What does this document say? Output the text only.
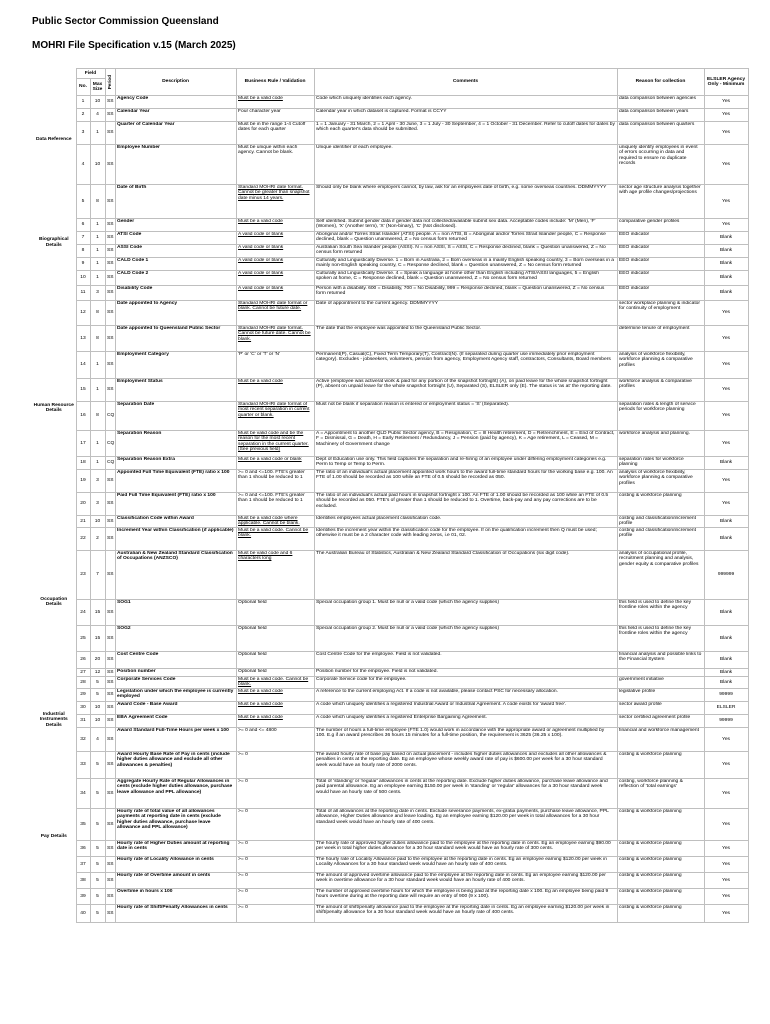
Public Sector Commission Queensland
MOHRI File Specification v.15 (March 2025)
	Field		Period	Description	Business Rule / Validation	Comments	Reason for collection	ELSLER Agency Only - Minimum
	No.	Max Size						
Data Reference	1	10	SS	Agency Code	Must be a valid code	Code which uniquely identifies each agency.	data comparison between agencies	Yes
	2	4	SS	Calendar Year	Four character year	Calendar year in which dataset is captured. Format is CCYY	data comparison between years	Yes
	3	1	SS	Quarter of Calendar Year	Must be in the range 1-4 Cutoff dates for each quarter	1 = 1 January - 31 March, 2 = 1 April - 30 June, 3 = 1 July - 30 September, 4 = 1 October - 31 December. Refer to cutoff dates for dates by which each quarter's data should be submitted.	data comparison between quarters	Yes
	4	10	SS	Employee Number	Must be unique within each agency. Cannot be blank.	Unique identifier of each employee.	uniquely identify employees in event of errors occurring in data and required to ensure no duplicate records	Yes
Biographical Details	5	8	SS	Date of Birth	Standard MOHRI date format. Cannot be greater than snapshot date minus 14 years.	Should only be blank where employers cannot, by law, ask for an employees date of birth, e.g. some overseas countries. DDMMYYYY	sector age structure analysis together with age profile changes/projections	Yes
	6	1	SS	Gender	Must be a valid code	Self identified. Submit gender data if gender data not collected/available submit sex data. Acceptable codes include: 'M' (Men), 'F' (Women), 'X' (Another term), 'X' (Non-binary), 'C' (Not disclosed).	comparative gender profiles	Yes
	7	1	SS	ATSI Code	A valid code or blank	Aboriginal and/or Torres Strait Islander (ATSI) people. A = non ATSI, B = Aboriginal and/or Torres Strait Islander people, C = Response declined, blank = Question unanswered, Z = No census form returned	EEO indicator	Blank
	8	1	SS	ASSI Code	A valid code or blank	Australian South Sea Islander people (ASSI). N = non ASSI, S = ASSI, C = Response declined, blank = Question unanswered, Z = No census form returned	EEO indicator	Blank
	9	1	SS	CALD Code 1	A valid code or blank	Culturally and Linguistically Diverse. 1 = Born in Australia, 2 = Born overseas in a mainly English speaking country, 3 = Born overseas in a mainly non-English speaking country, C = Response declined, blank = Question unanswered, Z = No census form returned	EEO indicator	Blank
	10	1	SS	CALD Code 2	A valid code or blank	Culturally and Linguistically Diverse. 4 = Speak a language at home other than English including ATSI/ASSI languages, 5 = English spoken at home, C = Response declined, blank = Question unanswered, Z = No census form returned	EEO indicator	Blank
	11	3	SS	Disability Code	A valid code or blank	Person with a disability. 600 = Disability, 700 = No Disability, 999 = Response declined, blank = Question unanswered, Z = No census form returned	EEO indicator	Blank
Human Resource Details	12	8	SS	Date appointed to Agency	Standard MOHRI date format or blank. Cannot be future date.	Date of appointment to the current agency. DDMMYYYY	sector workplace planning & indicator for continuity of employment	Yes
	13	8	SS	Date appointed to Queensland Public Sector	Standard MOHRI date format. Cannot be future date. Cannot be blank.	The date that the employee was appointed to the Queensland Public Sector.	determine tenure of employment	Yes
	14	1	SS	Employment Category	'P' or 'C' or 'T' or 'N'	Permanent(P), Casual(C), Fixed Term Temporary(T), Contract(N). (If separated during quarter use immediately prior employment category). Excludes - jobseekers, volunteers, pension from agency, Employment Agency staff, contractors, Consultants, Board members	analysis of workforce flexibility, workforce planning & comparative profiles	Yes
	15	1	SS	Employment Status	Must be a valid code	Active (employee was active/at work & paid for any portion of the snapshot fortnight) (A), on paid leave for the whole snapshot fortnight (P), absent on unpaid leave for the whole snapshot fortnight (U), Separated (S), ELSLER only (E). The status is 'as at' the reporting date.	workforce analysis & comparative profiles	Yes
	16	8	CQ	Separation Date	Standard MOHRI date format of most recent separation in current quarter or blank.	Must not be blank if separation reason is entered or employment status = 'S' (Separated).	separation rates & length of service periods for workforce planning	Yes
	17	1	CQ	Separation Reason	Must be valid code and be the reason for the most recent separation in the current quarter. (See previous field)	A = Appointment to another QLD Public Sector agency, B = Resignation, C = Ill Health retirement, D = Retrenchment, E = End of Contract, F = Dismissal, G = Death, H = Early Retirement / Redundancy, J = Pension (paid by agency), K = Age retirement, L = Ceased, M = Machinery of Government change	workforce analysis and planning.	Yes
	18	1	CQ	Separation Reason Extra	Must be a valid code or blank	Dept of Education use only. This field captures the separation and re-hiring of an employee under differing employment categories e.g. Perm to Temp or Temp to Perm.	separation rates for workforce planning	Blank
	19	3	SS	Appointed Full Time Equivalent (FTE) ratio x 100	>= 0 and <=100. FTE's greater than 1 should be reduced to 1	The ratio of an individual's actual placement appointed work hours to the award full-time standard hours for the working base e.g. 100. An FTE of 1.00 should be recorded as 100 while an FTE of 0.5 should be recorded as 050.	analysis of workforce flexibility, workforce planning & comparative profiles	Yes
	20	3	SS	Paid Full Time Equivalent (FTE) ratio x 100	>= 0 and <=100. FTE's greater than 1 should be reduced to 1	The ratio of an individual's actual paid hours in snapshot fortnight x 100. An FTE of 1.00 should be recorded as 100 while an FTE of 0.5 should be recorded as 050. FTE's of greater than 1 should be reduced to 1. Overtime, back-pay and any pay corrections are to be excluded.	costing & workforce planning	Yes
Occupation Details	21	10	SS	Classification Code within Award	Must be a valid code where applicable. Cannot be blank.	Identifies employees actual placement classification code.	costing and classification/increment profile	Blank
	22	2	SS	Increment Year within Classification (if applicable)	Must be a valid code. Cannot be blank.	Identifies the increment year within the classification code for the employee. If on the qualification increment then Q must be used; otherwise it must be a 2 character code with leading zeros, i.e 01, 02.	costing and classification/increment profile	Blank
	23	7	SS	Australian & New Zealand Standard Classification of Occupations (ANZSCO)	Must be valid code and 6 characters long	The Australian Bureau of Statistics, Australian & New Zealand Standard Classification of Occupations (six digit code).	analysis of occupational profile, recruitment planning and analysis, gender equity & comparative profiles	999999
	24	15	SS	SOG1	Optional field	Special occupation group 1. Must be null or a valid code (which the agency supplies)	this field is used to define the key frontline roles within the agency	Blank
	25	15	SS	SOG2	Optional field	Special occupation group 2. Must be null or a valid code (which the agency supplies)	this field is used to define the key frontline roles within the agency	Blank
	26	20	SS	Cost Centre Code	Optional field	Cost Centre Code for the employee. Field is not validated.	financial analysis and possible links to the Financial System	Blank
	27	12	SS	Position number	Optional field	Position number for the employee. Field is not validated.		Blank
	28	5	SS	Corporate Services Code	Must be a valid code. Cannot be blank.	Corporate Service code for the employee.	government initiative	Blank
Industrial Instruments Details	29	5	SS	Legislation under which the employee is currently employed	Must be a valid code	A reference to the current employing Act. If a code is not available, please contact PSC for necessary allocation.	legislative profile	99999
	30	10	SS	Award Code - Base Award	Must be a valid code	A code which uniquely identifies a registered Industrial Award or Industrial Agreement. A code exists for 'award free'.	sector award profile	ELSLER
	31	10	SS	EBA Agreement Code	Must be a valid code	A code which uniquely identifies a registered Enterprise Bargaining Agreement.	sector certified agreement profile	99999
	32	4	SS	Award Standard Full-Time Hours per week x 100	>= 0 and <= 4800	The number of hours a full-time employee (FTE 1.0) would work in accordance with the appropriate award or agreement multiplied by 100. E.g if an award prescribes 36 hours 15 minutes for a full-time position, the requirement is 3625 (36.25 x 100).	financial and workforce management	Yes
Pay Details	33	5	SS	Award Hourly Base Rate of Pay in cents (include higher duties allowance and exclude all other allowances & penalties)	>= 0	The award hourly rate of base pay based on actual placement - includes higher duties allowances and excludes all other allowances & penalties in cents at the reporting date. Eg an employee whose weekly award rate of pay is $600.00 per week for a 30 hour standard week would have an hourly rate of 2000 cents.	costing & workforce planning	Yes
	34	5	SS	Aggregate Hourly Rate of Regular Allowances in cents (exclude higher duties allowance, purchase leave allowance and PPL allowance)	>= 0	Total of 'standing' or 'regular' allowances in cents at the reporting date. Exclude higher duties allowance, purchase leave allowance and paid parental allowance. Eg an employee earning $150.00 per week in 'standing' or 'regular' allowances for a 30 hour standard week would have an hourly rate of 500 cents.	costing, workforce planning & reflection of 'total earnings'	Yes
	35	5	SS	Hourly rate of total value of all allowances payments at reporting date in cents (exclude higher duties allowance, purchase leave allowance and PPL allowance)	>= 0	Total of all allowances at the reporting date in cents. Exclude severance payments, ex-gratia payments, purchase leave allowance, PPL allowance, Higher Duties allowance and leave loading. Eg an employee earning $120.00 per week in total allowances for a 30 hour standard week would have an hourly rate of 400 cents.	costing & workforce planning	Yes
	36	5	SS	Hourly rate of Higher Duties amount at reporting date in cents	>= 0	The hourly rate of approved higher duties allowance paid to the employee at the reporting date in cents. Eg an employee earning $90.00 per week in total higher duties allowance for a 30 hour standard week would have an hourly rate of 300 cents.	costing & workforce planning	Yes
	37	5	SS	Hourly rate of Locality Allowance in cents	>= 0	The hourly rate of Locality Allowance paid to the employee at the reporting date in cents. Eg an employee earning $120.00 per week in Locality Allowances for a 30 hour standard week would have an hourly rate of 400 cents.	costing & workforce planning	Yes
	38	5	SS	Hourly rate of Overtime amount in cents	>= 0	The amount of approved overtime allowance paid to the employee at the reporting date in cents. Eg an employee earning $120.00 per week in overtime allowance for a 30 hour standard week would have an hourly rate of 400 cents.	costing & workforce planning	Yes
	39	5	SS	Overtime in hours x 100	>= 0	The number of approved overtime hours for which the employee is being paid at the reporting date x 100. Eg an employee being paid 9 hours overtime during at the reporting date will require an entry of 900 (9 x 100).	costing & workforce planning	Yes
	40	5	SS	Hourly rate of Shift/Penalty Allowances in cents	>= 0	The amount of shift/penalty allowance paid to the employee at the reporting date in cents. Eg an employee earning $120.00 per week in shift/penalty allowance for a 30 hour standard week would have an hourly rate of 400 cents.	costing & workforce planning	Yes
